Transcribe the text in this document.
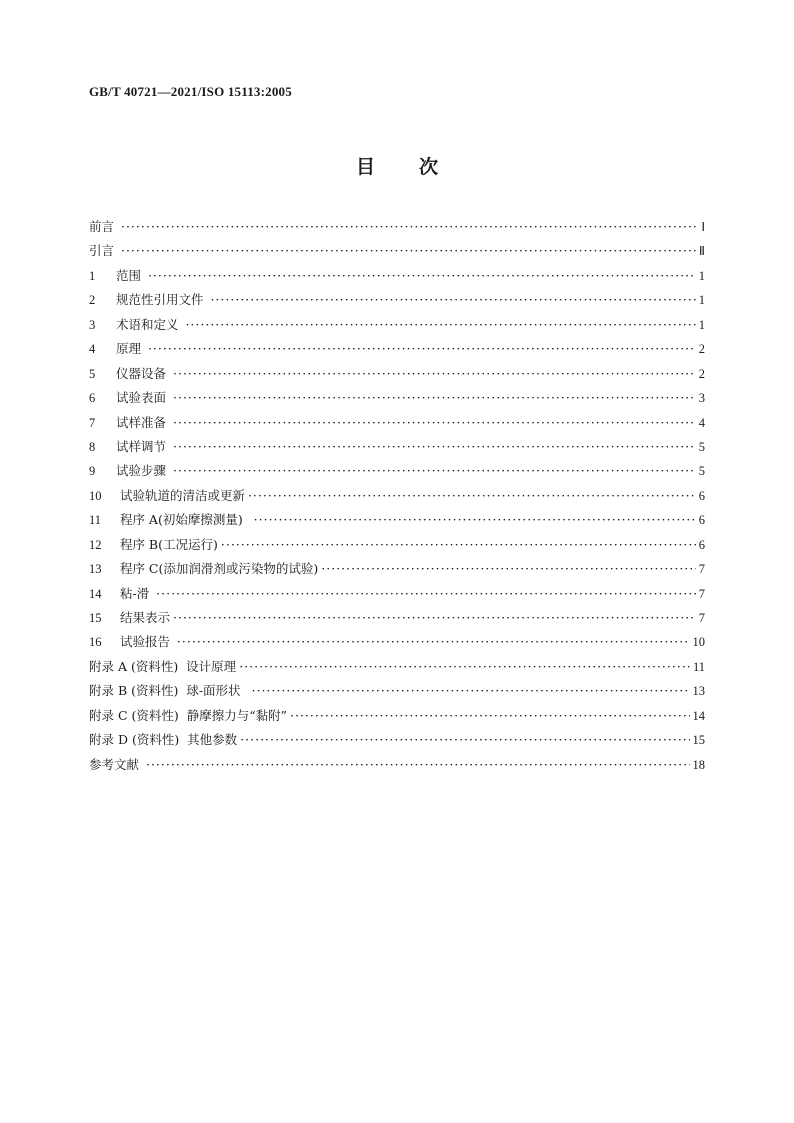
GB/T 40721—2021/ISO 15113:2005
目 次
前言 ·····	Ⅰ
引言 ·····	Ⅱ
1	范围 ·····	1
2	规范性引用文件 ·····	1
3	术语和定义 ·····	1
4	原理 ·····	2
5	仪器设备 ·····	2
6	试验表面 ·····	3
7	试样准备 ·····	4
8	试样调节 ·····	5
9	试验步骤 ·····	5
10 试验轨道的清洁或更新 ·····	6
11 程序 A(初始摩擦测量) ·····	6
12 程序 B(工况运行) ·····	6
13 程序 C(添加润滑剂或污染物的试验) ·····	7
14 粘-滑 ·····	7
15 结果表示 ·····	7
16 试验报告 ·····	10
附录 A (资料性)  设计原理 ·····	11
附录 B (资料性)  球-面形状 ·····	13
附录 C (资料性)  静摩擦力与“黏附” ·····	14
附录 D (资料性)  其他参数 ·····	15
参考文献 ·····	18
